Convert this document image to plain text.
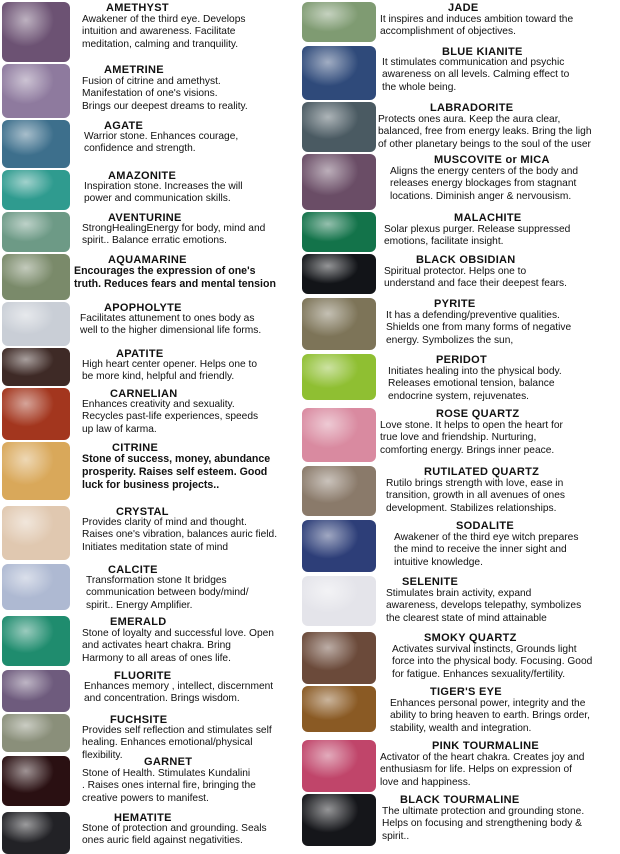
AMETHYST
Awakener of the third eye. Develops
intuition and awareness. Facilitate
meditation, calming and tranquility.
AMETRINE
Fusion of citrine and amethyst.
Manifestation of one's visions.
Brings our deepest dreams to reality.
AGATE
Warrior stone. Enhances courage,
confidence and strength.
AMAZONITE
Inspiration stone. Increases the will
power and communication skills.
AVENTURINE
StrongHealingEnergy for body, mind and
spirit.. Balance erratic emotions.
AQUAMARINE
Encourages the expression of one's
truth. Reduces fears and mental tension
APOPHOLYTE
Facilitates attunement to ones body as
well to the higher dimensional life forms.
APATITE
High heart center opener. Helps one to
be more kind, helpful and friendly.
CARNELIAN
Enhances creativity and sexuality.
Recycles past-life experiences, speeds
up law of karma.
CITRINE
Stone of success, money, abundance
prosperity. Raises self esteem. Good
luck for business projects..
CRYSTAL
Provides clarity of mind and thought.
Raises one's vibration, balances auric field.
Initiates meditation state of mind
CALCITE
Transformation stone It bridges
communication between body/mind/
spirit.. Energy Amplifier.
EMERALD
Stone of loyalty and successful love. Open
and activates heart chakra. Bring
Harmony to all areas of ones life.
FLUORITE
Enhances memory , intellect, discernment
and concentration. Brings wisdom.
FUCHSITE
Provides self reflection and stimulates self
healing. Enhances emotional/physical
flexibility.
GARNET
Stone of Health. Stimulates Kundalini
. Raises ones internal fire, bringing the
creative powers to manifest.
HEMATITE
Stone of protection and grounding. Seals
ones auric field against negativities.
JADE
It inspires and induces ambition toward the
accomplishment of objectives.
BLUE KIANITE
It stimulates communication and psychic
awareness on all levels. Calming effect to
the whole being.
LABRADORITE
Protects ones aura. Keep the aura clear,
balanced, free from energy leaks. Bring the ligh
of other planetary beings to the soul of the user
MUSCOVITE or MICA
Aligns the energy centers of the body and
releases energy blockages from stagnant
locations. Diminish anger & nervousism.
MALACHITE
Solar plexus purger. Release suppressed
emotions, facilitate insight.
BLACK OBSIDIAN
Spiritual protector. Helps one to
understand and face their deepest fears.
PYRITE
It has a defending/preventive qualities.
Shields one from many forms of negative
energy. Symbolizes the sun,
PERIDOT
Initiates healing into the physical body.
Releases emotional tension, balance
endocrine system, rejuvenates.
ROSE QUARTZ
Love stone. It helps to open the heart for
true love and friendship. Nurturing,
comforting energy. Brings inner peace.
RUTILATED QUARTZ
Rutilo brings strength with love, ease in
transition, growth in all avenues of ones
development. Stabilizes relationships.
SODALITE
Awakener of the third eye witch prepares
the mind to receive the inner sight and
intuitive knowledge.
SELENITE
Stimulates brain activity, expand
awareness, develops telepathy, symbolizes
the clearest state of mind attainable
SMOKY QUARTZ
Activates survival instincts, Grounds light
force into the physical body. Focusing. Good
for fatigue. Enhances sexuality/fertility.
TIGER'S EYE
Enhances personal power, integrity and the
ability to bring heaven to earth. Brings order,
stability, wealth and integration.
PINK TOURMALINE
Activator of the heart chakra. Creates joy and
enthusiasm for life. Helps on expression of
love and happiness.
BLACK TOURMALINE
The ultimate protection and grounding stone.
Helps on focusing and strengthening body &
spirit..
